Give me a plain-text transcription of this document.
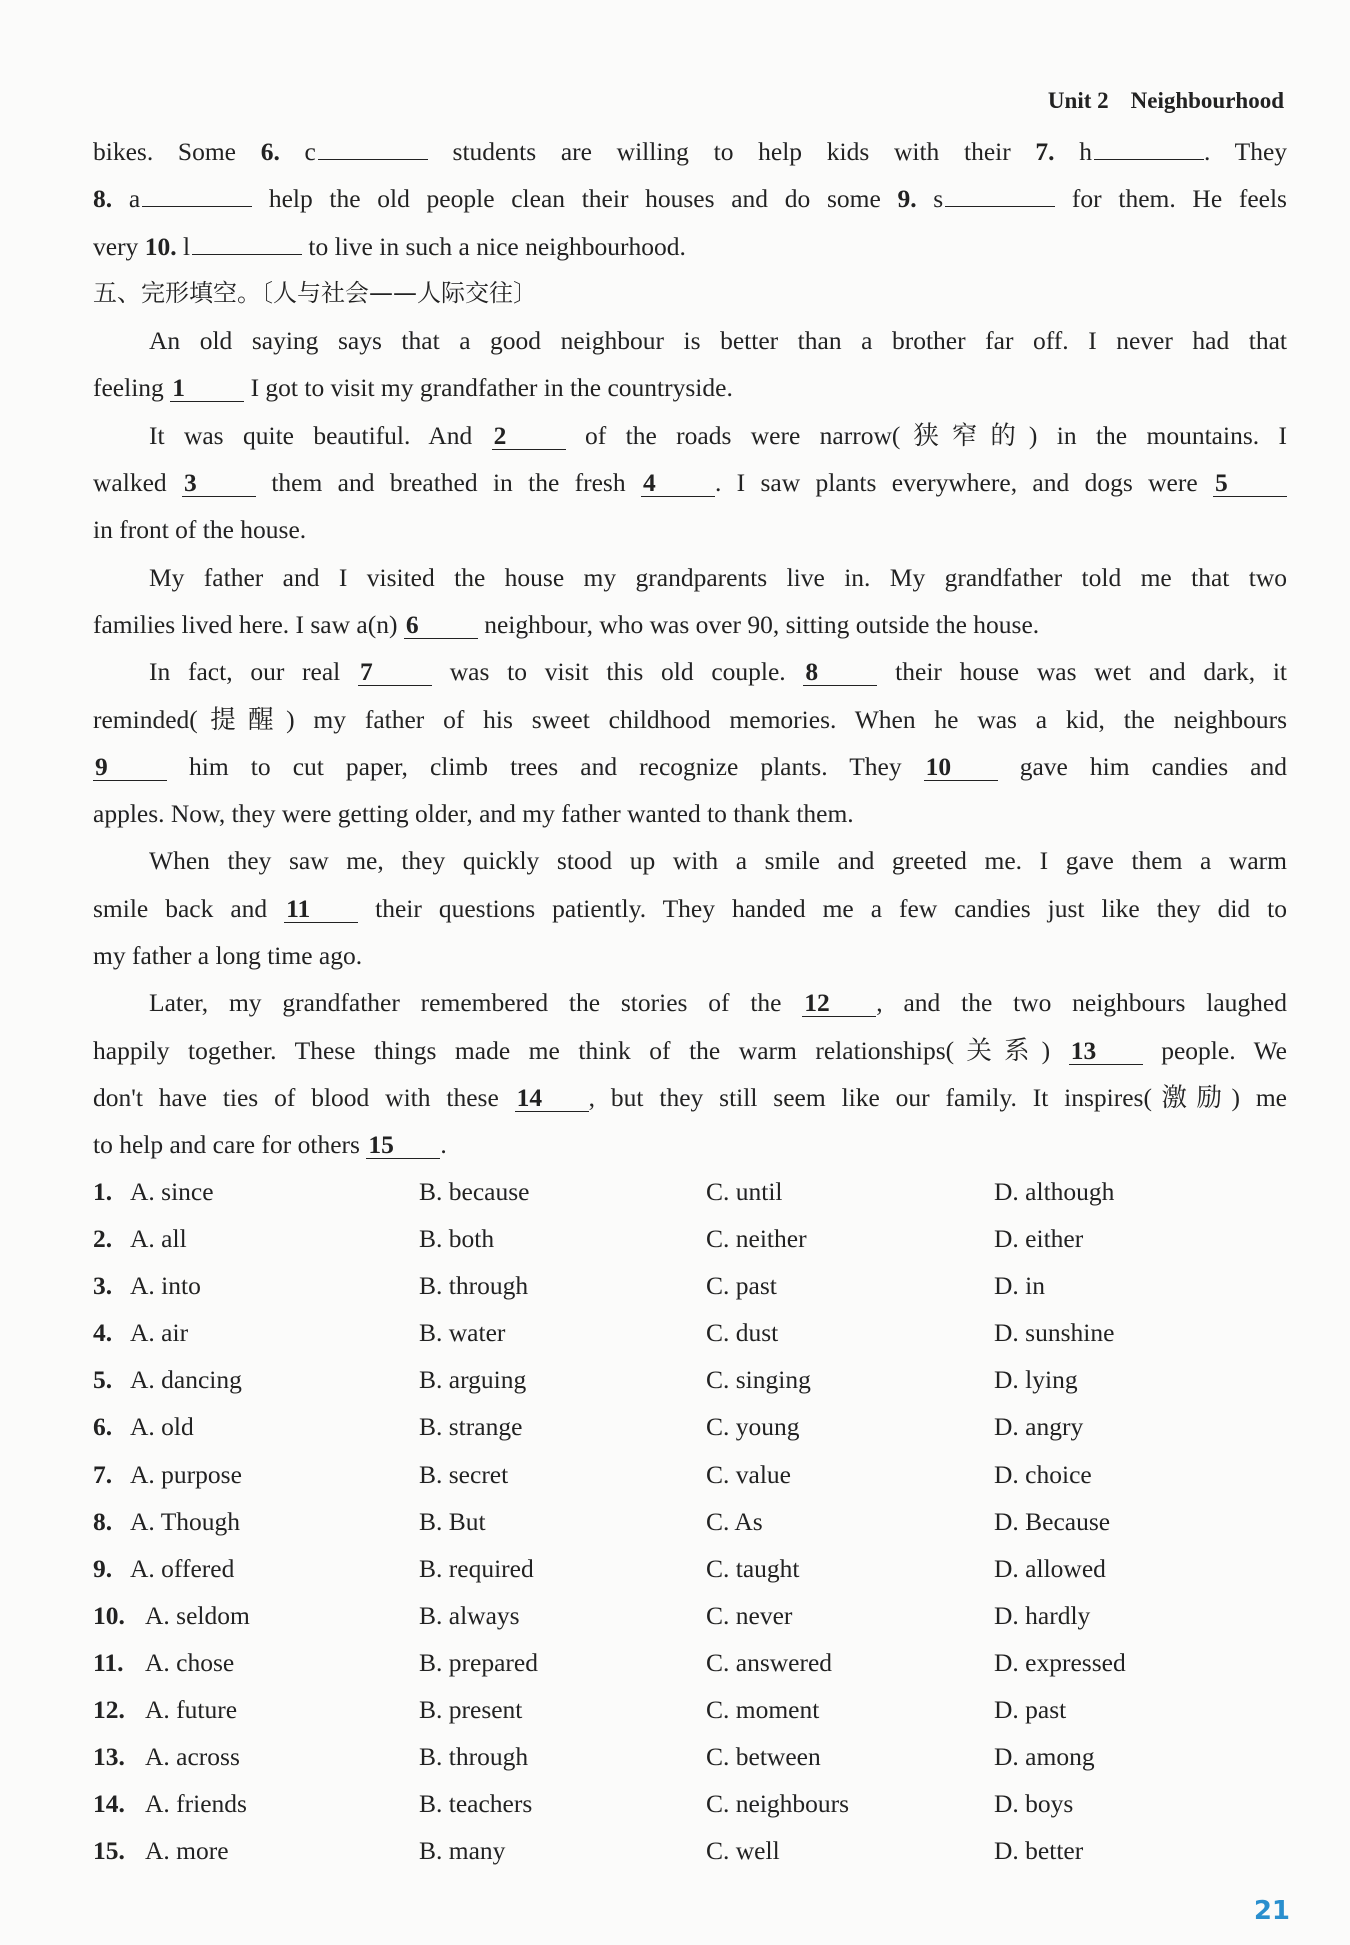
Unit 2 Neighbourhood
bikes. Some 6. c	students are willing to help kids with their 7. h	. They
8. a	help the old people clean their houses and do some 9. s	for them. He feels
very 10. l	to live in such a nice neighbourhood.
五、完形填空。〔人与社会——人际交往〕
An old saying says that a good neighbour is better than a brother far off. I never had that
feeling 1 I got to visit my grandfather in the countryside.
It was quite beautiful. And 2 of the roads were narrow(狭窄的) in the mountains. I
walked 3 them and breathed in the fresh 4 . I saw plants everywhere, and dogs were 5
in front of the house.
My father and I visited the house my grandparents live in. My grandfather told me that two
families lived here. I saw a(n) 6 neighbour, who was over 90, sitting outside the house.
In fact, our real 7 was to visit this old couple. 8 their house was wet and dark, it
reminded(提醒) my father of his sweet childhood memories. When he was a kid, the neighbours
9 him to cut paper, climb trees and recognize plants. They 10 gave him candies and
apples. Now, they were getting older, and my father wanted to thank them.
When they saw me, they quickly stood up with a smile and greeted me. I gave them a warm
smile back and 11 their questions patiently. They handed me a few candies just like they did to
my father a long time ago.
Later, my grandfather remembered the stories of the 12 , and the two neighbours laughed
happily together. These things made me think of the warm relationships(关系) 13 people. We
don't have ties of blood with these 14 , but they still seem like our family. It inspires(激励) me
to help and care for others 15 .
1. A. since	B. because	C. until	D. although
2. A. all	B. both	C. neither	D. either
3. A. into	B. through	C. past	D. in
4. A. air	B. water	C. dust	D. sunshine
5. A. dancing	B. arguing	C. singing	D. lying
6. A. old	B. strange	C. young	D. angry
7. A. purpose	B. secret	C. value	D. choice
8. A. Though	B. But	C. As	D. Because
9. A. offered	B. required	C. taught	D. allowed
10. A. seldom	B. always	C. never	D. hardly
11. A. chose	B. prepared	C. answered	D. expressed
12. A. future	B. present	C. moment	D. past
13. A. across	B. through	C. between	D. among
14. A. friends	B. teachers	C. neighbours	D. boys
15. A. more	B. many	C. well	D. better
21
